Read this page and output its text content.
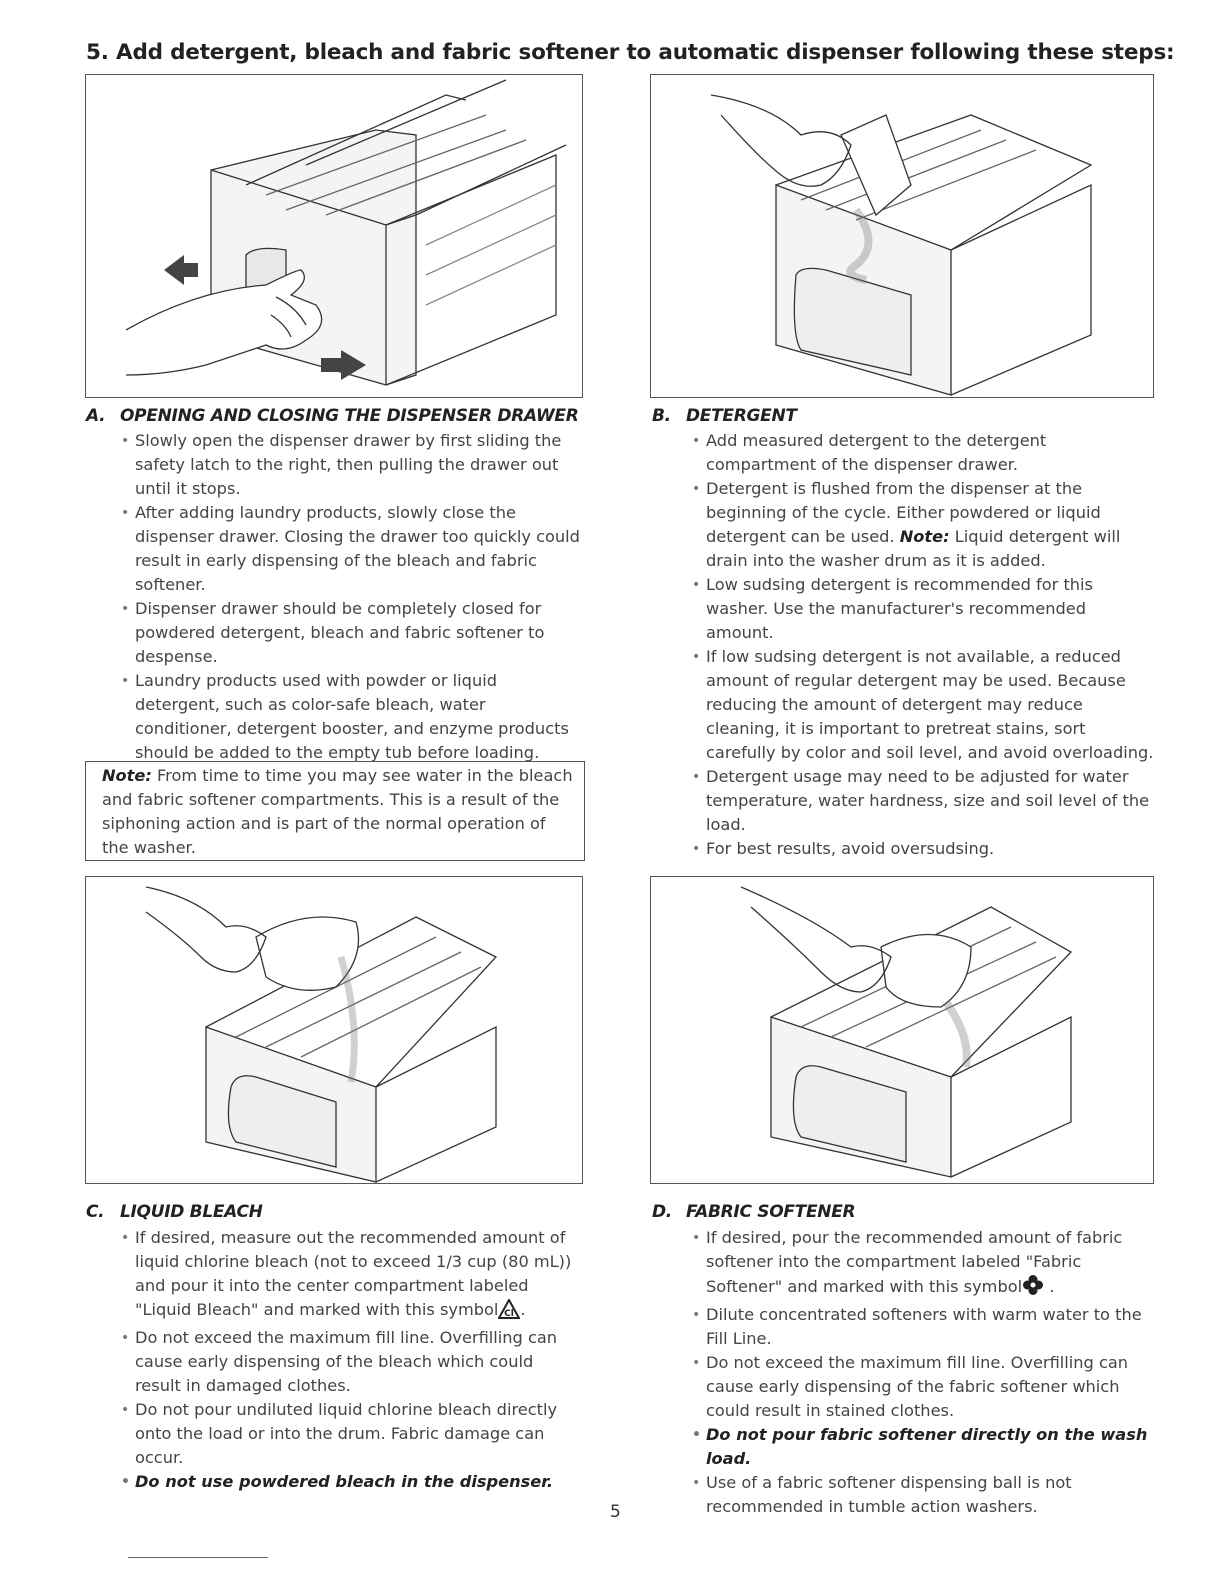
5. Add detergent, bleach and fabric softener to automatic dispenser following these steps:
A. OPENING AND CLOSING THE DISPENSER DRAWER
• Slowly open the dispenser drawer by first sliding the safety latch to the right, then pulling the drawer out until it stops.
• After adding laundry products, slowly close the dispenser drawer. Closing the drawer too quickly could result in early dispensing of the bleach and fabric softener.
• Dispenser drawer should be completely closed for powdered detergent, bleach and fabric softener to despense.
• Laundry products used with powder or liquid detergent, such as color-safe bleach, water conditioner, detergent booster, and enzyme products should be added to the empty tub before loading.
Note: From time to time you may see water in the bleach and fabric softener compartments. This is a result of the siphoning action and is part of the normal operation of the washer.
B. DETERGENT
• Add measured detergent to the detergent compartment of the dispenser drawer.
• Detergent is flushed from the dispenser at the beginning of the cycle. Either powdered or liquid detergent can be used. Note: Liquid detergent will drain into the washer drum as it is added.
• Low sudsing detergent is recommended for this washer. Use the manufacturer's recommended amount.
• If low sudsing detergent is not available, a reduced amount of regular detergent may be used. Because reducing the amount of detergent may reduce cleaning, it is important to pretreat stains, sort carefully by color and soil level, and avoid overloading.
• Detergent usage may need to be adjusted for water temperature, water hardness, size and soil level of the load.
• For best results, avoid oversudsing.
C. LIQUID BLEACH
• If desired, measure out the recommended amount of liquid chlorine bleach (not to exceed 1/3 cup (80 mL)) and pour it into the center compartment labeled "Liquid Bleach" and marked with this symbol Cl .
• Do not exceed the maximum fill line. Overfilling can cause early dispensing of the bleach which could result in damaged clothes.
• Do not pour undiluted liquid chlorine bleach directly onto the load or into the drum. Fabric damage can occur.
• Do not use powdered bleach in the dispenser.
D. FABRIC SOFTENER
• If desired, pour the recommended amount of fabric softener into the compartment labeled "Fabric Softener" and marked with this symbol .
• Dilute concentrated softeners with warm water to the Fill Line.
• Do not exceed the maximum fill line. Overfilling can cause early dispensing of the fabric softener which could result in stained clothes.
• Do not pour fabric softener directly on the wash load.
• Use of a fabric softener dispensing ball is not recommended in tumble action washers.
5
